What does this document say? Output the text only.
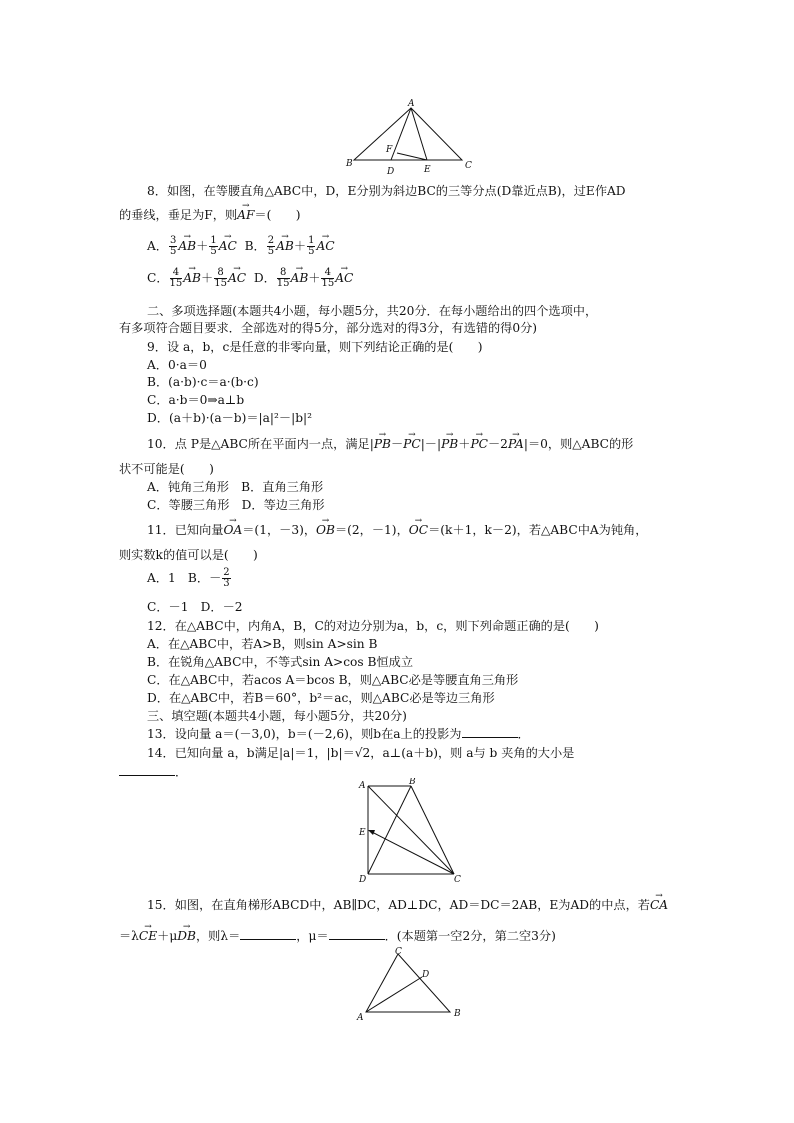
A
B	C
D	E
F
8．如图，在等腰直角△ABC中，D，E分别为斜边BC的三等分点(D靠近点B)，过E作AD
的垂线，垂足为F，则→ AF＝(　　)
A． $\frac{3}{5}$
→ $AB+ \frac{1}{5}$
→ AC B． $\frac{2}{5}$
→ $AB+ \frac{1}{5}$
→ AC
C． $\frac{4}{15}$
→ $AB+ \frac{8}{15}$
→ AC D． $\frac{8}{15}$
→ $AB+ \frac{4}{15}$
→ AC
二、多项选择题(本题共4小题，每小题5分，共20分．在每小题给出的四个选项中，
有多项符合题目要求．全部选对的得5分，部分选对的得3分，有选错的得0分)
9．设 a，b，c是任意的非零向量，则下列结论正确的是(　　)
A．0·a＝0
B．(a·b)·c＝a·(b·c)
C．a·b＝0⇒a⊥b
D．(a＋b)·(a－b)＝|a|²－|b|²
10．点 P是△ABC所在平面内一点，满足|→ PB－→ PC|－|→ PB＋→ PC－2→ PA|＝0，则△ABC的形
状不可能是(　　)
A．钝角三角形　B．直角三角形
C．等腰三角形　D．等边三角形
11．已知向量→ OA＝(1，－3)，→ OB＝(2，－1)，→ OC＝(k＋1，k－2)，若△ABC中A为钝角，
则实数k的值可以是(　　)
A．1　B．－ $\frac{2}{3}$
C．－1　D．－2
12．在△ABC中，内角A，B，C的对边分别为a，b，c，则下列命题正确的是(　　)
A．在△ABC中，若A>B，则sin A>sin B
B．在锐角△ABC中，不等式sin A>cos B恒成立
C．在△ABC中，若acos A＝bcos B，则△ABC必是等腰直角三角形
D．在△ABC中，若B＝60°，b²＝ac，则△ABC必是等边三角形
三、填空题(本题共4小题，每小题5分，共20分)
13．设向量 a＝(－3,0)，b＝(－2,6)，则b在a上的投影为	．
14．已知向量 a，b满足|a|＝1，|b|＝√2，a⊥(a＋b)，则 a与 b 夹角的大小是
．
A	B
C
D
E
15．如图，在直角梯形ABCD中，AB∥DC，AD⊥DC，AD＝DC＝2AB，E为AD的中点，若→ CA
＝λ→ CE＋μ→ DB，则λ＝	，μ＝	．(本题第一空2分，第二空3分)
C
D
A	B
